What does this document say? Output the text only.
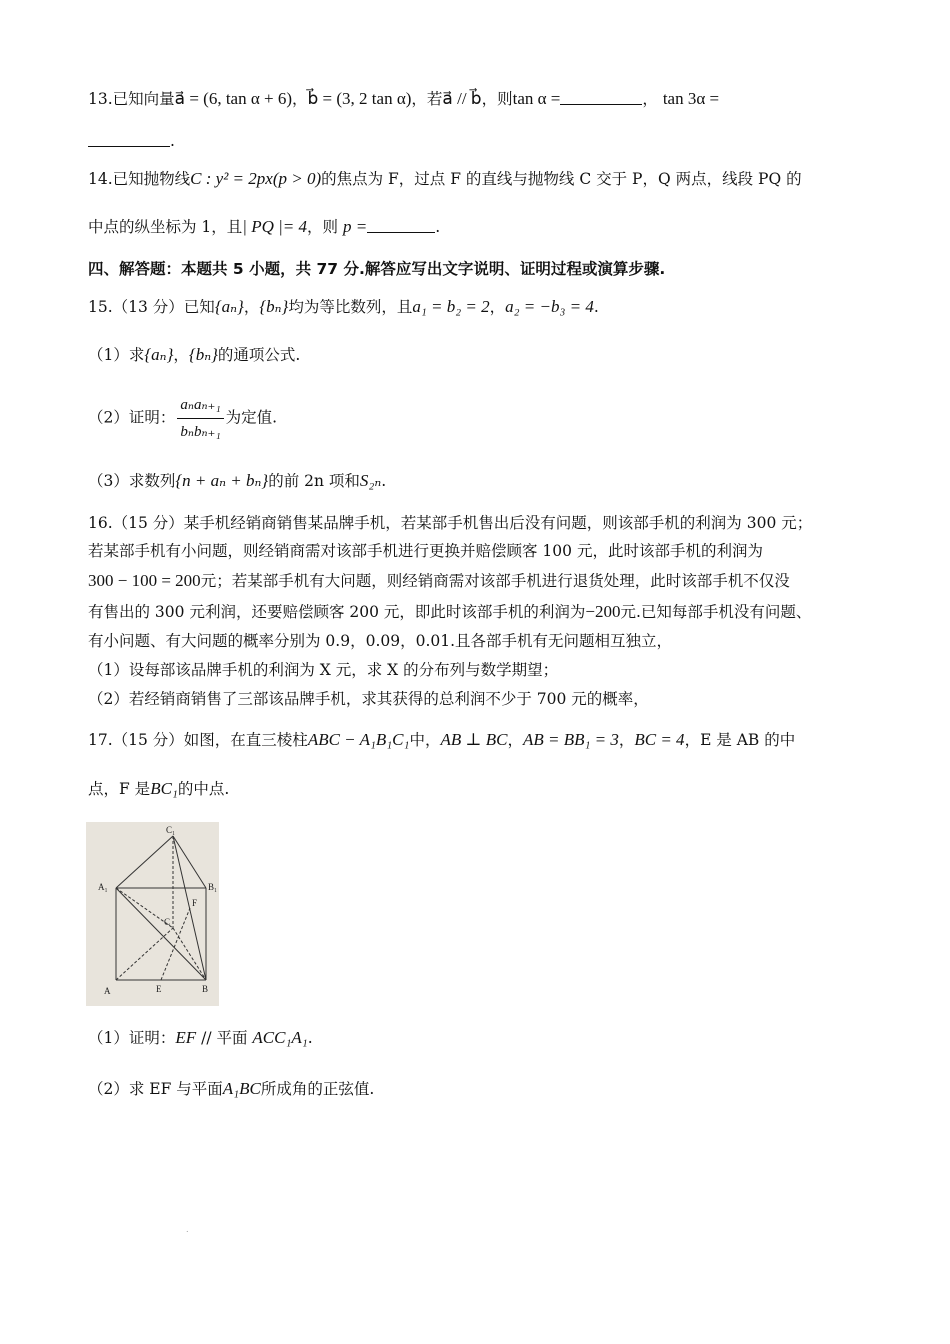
13.已知向量a⃗ = (6, tan α + 6)，b⃗ = (3, 2 tan α)，若a⃗ // b⃗，则tan α =	， tan 3α =
.
14.已知抛物线C : y² = 2px(p > 0)的焦点为 F，过点 F 的直线与抛物线 C 交于 P，Q 两点，线段 PQ 的
中点的纵坐标为 1，且| PQ |= 4，则 p =	.
四、解答题：本题共 5 小题，共 77 分.解答应写出文字说明、证明过程或演算步骤.
15.（13 分）已知{aₙ}，{bₙ}均为等比数列，且a₁ = b₂ = 2，a₂ = −b₃ = 4.
（1）求{aₙ}，{bₙ}的通项公式.
（2）证明： $\frac{\text{aₙaₙ₊₁}}{\text{bₙbₙ₊₁}}$ 为定值.
（3）求数列{n + aₙ + bₙ}的前 2n 项和S₂ₙ.
16.（15 分）某手机经销商销售某品牌手机，若某部手机售出后没有问题，则该部手机的利润为 300 元；
若某部手机有小问题，则经销商需对该部手机进行更换并赔偿顾客 100 元，此时该部手机的利润为
300 − 100 = 200元；若某部手机有大问题，则经销商需对该部手机进行退货处理，此时该部手机不仅没
有售出的 300 元利润，还要赔偿顾客 200 元，即此时该部手机的利润为−200元.已知每部手机没有问题、
有小问题、有大问题的概率分别为 0.9，0.09，0.01.且各部手机有无问题相互独立，
（1）设每部该品牌手机的利润为 X 元，求 X 的分布列与数学期望；
（2）若经销商销售了三部该品牌手机，求其获得的总利润不少于 700 元的概率，
17.（15 分）如图，在直三棱柱ABC − A₁B₁C₁中，AB ⊥ BC，AB = BB₁ = 3，BC = 4，E 是 AB 的中
点，F 是BC₁的中点.
C₁
A₁	B₁
C
F
A	E	B
（1）证明：EF // 平面 ACC₁A₁.
（2）求 EF 与平面A₁BC所成角的正弦值.
.
